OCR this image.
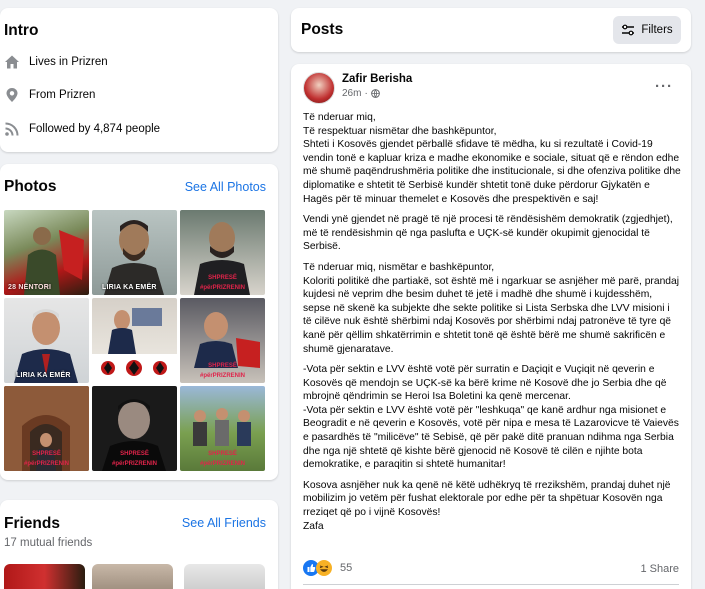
Intro
Lives in Prizren
From Prizren
Followed by 4,874 people
Photos	See All Photos
28 NËNTORI	LIRIA KA EMËR
SHPRESË
#përPRIZRENIN
LIRIA KA EMËR
SHPRESË
#përPRIZRENIN
SHPRESË
#përPRIZRENIN
SHPRESË
#përPRIZRENIN
SHPRESË
#përPRIZRENIN
Friends	See All Friends
17 mutual friends
Posts	Filters
Zafir Berisha
26m ·	···

Të nderuar miq,
Të respektuar nismëtar dhe bashkëpuntor,
Shteti i Kosovës gjendet përballë sfidave të mëdha, ku si rezultatë i Covid-19 vendin tonë e kapluar kriza e madhe ekonomike e sociale, situat që e rëndon edhe më shumë paqëndrushmëria politike dhe institucionale, si dhe ofenziva politike dhe diplomatike e shtetit të Serbisë kundër shtetit tonë duke përdorur Gjykatën e Hagës për të minuar themelet e Kosovës dhe prespektivën e saj!

Vendi ynë gjendet në pragë të një procesi të rëndësishëm demokratik (zgjedhjet), më të rendësishmin që nga paslufta e UÇK-së kundër okupimit gjenocidal të Serbisë.

Të nderuar miq, nismëtar e bashkëpuntor,
Koloriti politikë dhe partiakë, sot është më i ngarkuar se asnjëher më parë, prandaj kujdesi në veprim dhe besim duhet të jetë i madhë dhe shumë i kujdesshëm, sepse në skenë ka subjekte dhe sekte politike si Lista Serbska dhe LVV misioni i të cilëve nuk është shërbimi ndaj Kosovës por shërbimi ndaj patronëve të tyre që kanë për qëllim shkatërrimin e shtetit tonë që është bërë me shumë sakrificën e shumë gjenaratave.

-Vota për sektin e LVV është votë për surratin e Daçiqit e Vuçiqit në qeverin e Kosovës që mendojn se UÇK-së ka bërë krime në Kosovë dhe jo Serbia dhe që mbrojnë qëndrimin se Heroi Isa Boletini ka qenë mercenar.
-Vota për sektin e LVV është votë për "leshkuqa" qe kanë ardhur nga misionet e Beogradit e në qeverin e Kosovës, votë për nipa e mesa të Lazarovicve të Vaievës e pasardhës të "milicëve" të Sebisë, që për pakë ditë pranuan ndihma nga Serbia dhe nga një shtetë që kishte bërë gjenocid në Kosovë të cilën e njihte bota demokratike, e paraqitin si shtetë humanitar!

Kosova asnjëher nuk ka qenë në këtë udhëkryq të rrezikshëm, prandaj duhet një mobilizim jo vetëm për fushat elektorale por edhe për ta shpëtuar Kosovën nga rreziqet që po i vijnë Kosovës!
Zafa

55	1 Share
